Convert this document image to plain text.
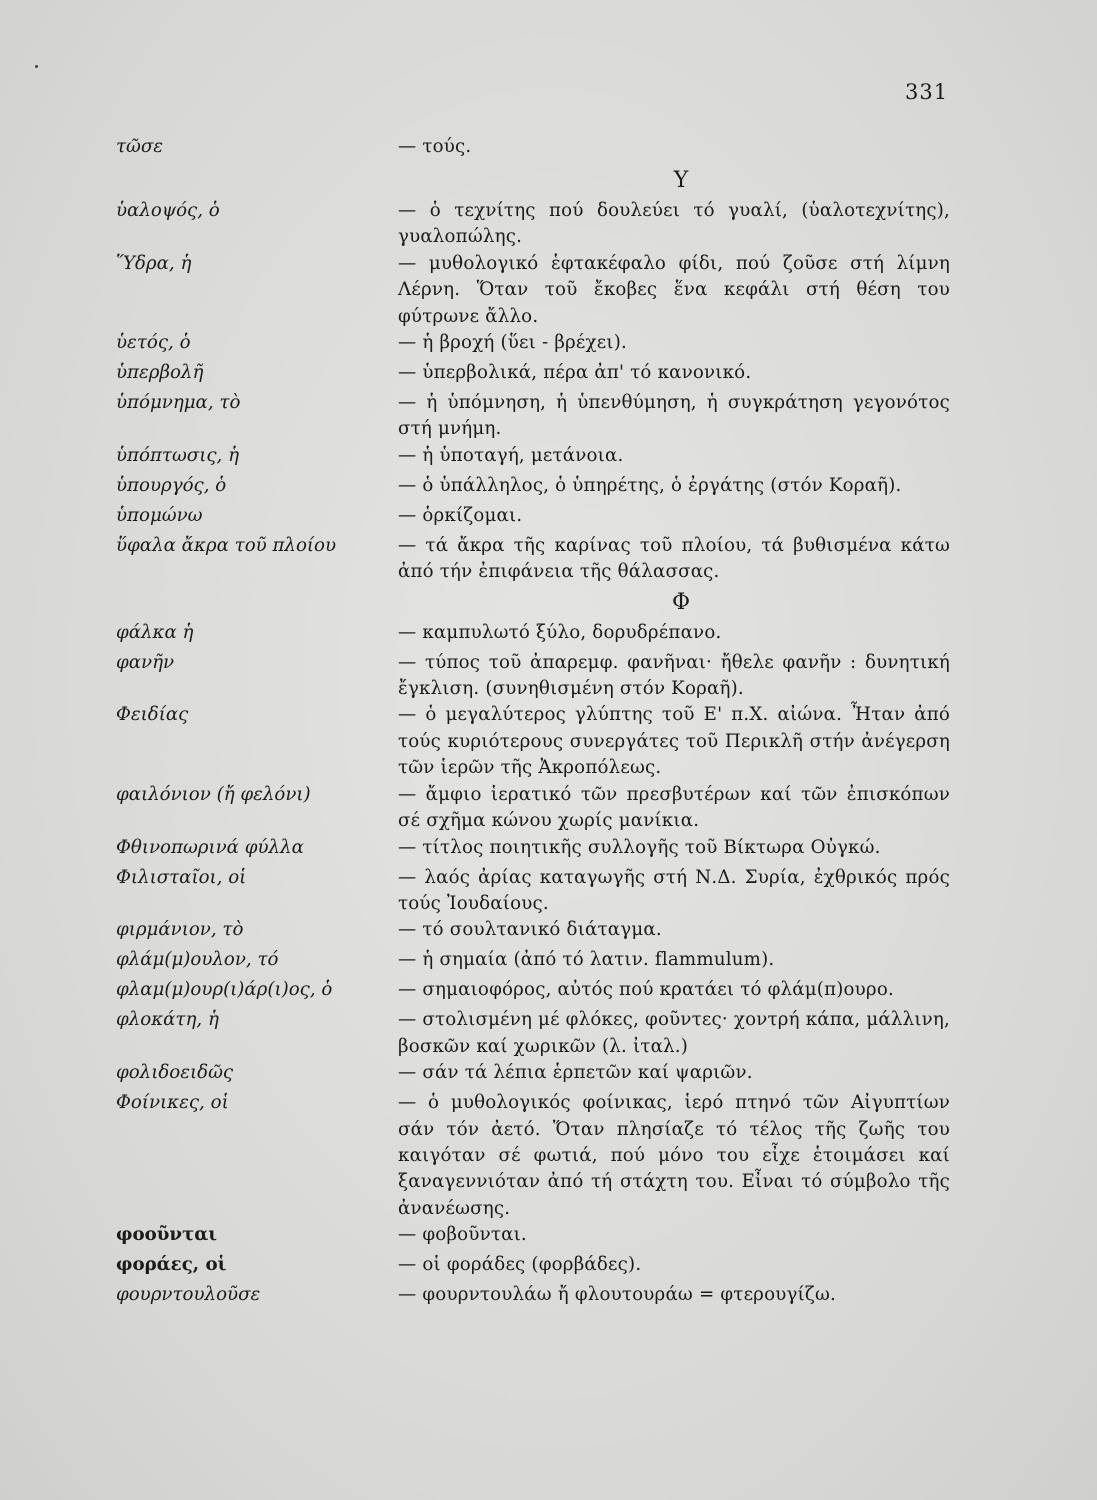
331
τῶσε	— τούς.
Υ
ὑαλοψός, ὁ	— ὁ τεχνίτης πού δουλεύει τό γυαλί, (ὑαλοτεχνίτης), γυαλοπώλης.
Ὕδρα, ἡ	— μυθολογικό ἑφτακέφαλο φίδι, πού ζοῦσε στή λίμνη Λέρνη. Ὅταν τοῦ ἔκοβες ἕνα κεφάλι στή θέση του φύτρωνε ἄλλο.
ὑετός, ὁ	— ἡ βροχή (ὕει - βρέχει).
ὑπερβολῆ	— ὑπερβολικά, πέρα ἀπ' τό κανονικό.
ὑπόμνημα, τὸ	— ἡ ὑπόμνηση, ἡ ὑπενθύμηση, ἡ συγκράτηση γεγονότος στή μνήμη.
ὑπόπτωσις, ἡ	— ἡ ὑποταγή, μετάνοια.
ὑπουργός, ὁ	— ὁ ὑπάλληλος, ὁ ὑπηρέτης, ὁ ἐργάτης (στόν Κοραῆ).
ὑπομώνω	— ὁρκίζομαι.
ὕφαλα ἄκρα τοῦ πλοίου	— τά ἄκρα τῆς καρίνας τοῦ πλοίου, τά βυθισμένα κάτω ἀπό τήν ἐπιφάνεια τῆς θάλασσας.
Φ
φάλκα ἡ	— καμπυλωτό ξύλο, δορυδρέπανο.
φανῆν	— τύπος τοῦ ἀπαρεμφ. φανῆναι· ἤθελε φανῆν : δυνητική ἔγκλιση. (συνηθισμένη στόν Κοραῆ).
Φειδίας	— ὁ μεγαλύτερος γλύπτης τοῦ Ε' π.Χ. αἰώνα. Ἦταν ἀπό τούς κυριότερους συνεργάτες τοῦ Περικλῆ στήν ἀνέγερση τῶν ἱερῶν τῆς Ἀκροπόλεως.
φαιλόνιον (ἤ φελόνι)	— ἄμφιο ἱερατικό τῶν πρεσβυτέρων καί τῶν ἐπισκόπων σέ σχῆμα κώνου χωρίς μανίκια.
Φθινοπωρινά φύλλα	— τίτλος ποιητικῆς συλλογῆς τοῦ Βίκτωρα Οὐγκώ.
Φιλισταῖοι, οἱ	— λαός ἀρίας καταγωγῆς στή Ν.Δ. Συρία, ἐχθρικός πρός τούς Ἰουδαίους.
φιρμάνιον, τὸ	— τό σουλτανικό διάταγμα.
φλάμ(μ)ουλον, τό	— ἡ σημαία (ἀπό τό λατιν. flammulum).
φλαμ(μ)ουρ(ι)άρ(ι)ος, ὁ	— σημαιοφόρος, αὐτός πού κρατάει τό φλάμ(π)ουρο.
φλοκάτη, ἡ	— στολισμένη μέ φλόκες, φοῦντες· χοντρή κάπα, μάλλινη, βοσκῶν καί χωρικῶν (λ. ἰταλ.)
φολιδοειδῶς	— σάν τά λέπια ἑρπετῶν καί ψαριῶν.
Φοίνικες, οἱ	— ὁ μυθολογικός φοίνικας, ἱερό πτηνό τῶν Αἰγυπτίων σάν τόν ἀετό. Ὅταν πλησίαζε τό τέλος τῆς ζωῆς του καιγόταν σέ φωτιά, πού μόνο του εἶχε ἑτοιμάσει καί ξαναγεννιόταν ἀπό τή στάχτη του. Εἶναι τό σύμβολο τῆς ἀνανέωσης.
φοοῦνται	— φοβοῦνται.
φοράες, οἱ	— οἱ φοράδες (φορβάδες).
φουρντουλοῦσε	— φουρντουλάω ἤ φλουτουράω = φτερουγίζω.
